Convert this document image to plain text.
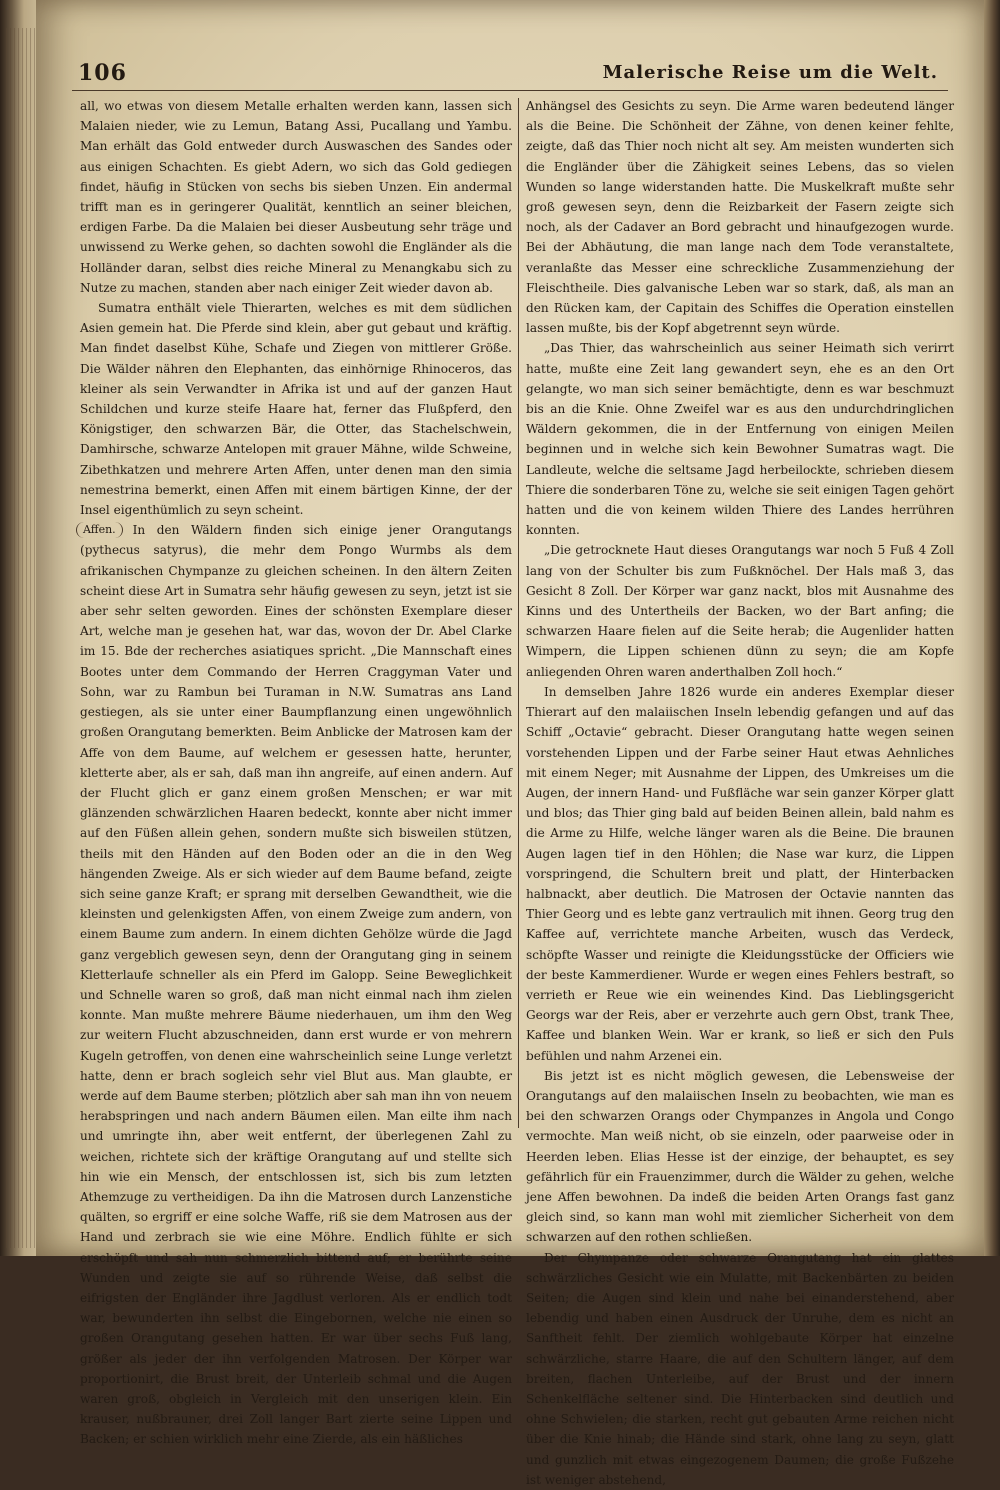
106	Malerische Reise um die Welt.

all, wo etwas von diesem Metalle erhalten werden kann, lassen sich Malaien nieder, wie zu Lemun, Batang Assi, Pucallang und Yambu. Man erhält das Gold entweder durch Auswaschen des Sandes oder aus einigen Schachten. Es giebt Adern, wo sich das Gold gediegen findet, häufig in Stücken von sechs bis sieben Unzen. Ein andermal trifft man es in geringerer Qualität, kenntlich an seiner bleichen, erdigen Farbe. Da die Malaien bei dieser Ausbeutung sehr träge und unwissend zu Werke gehen, so dachten sowohl die Engländer als die Holländer daran, selbst dies reiche Mineral zu Menangkabu sich zu Nutze zu machen, standen aber nach einiger Zeit wieder davon ab.

Sumatra enthält viele Thierarten, welches es mit dem südlichen Asien gemein hat. Die Pferde sind klein, aber gut gebaut und kräftig. Man findet daselbst Kühe, Schafe und Ziegen von mittlerer Größe. Die Wälder nähren den Elephanten, das einhörnige Rhinoceros, das kleiner als sein Verwandter in Afrika ist und auf der ganzen Haut Schildchen und kurze steife Haare hat, ferner das Flußpferd, den Königstiger, den schwarzen Bär, die Otter, das Stachelschwein, Damhirsche, schwarze Antelopen mit grauer Mähne, wilde Schweine, Zibethkatzen und mehrere Arten Affen, unter denen man den simia nemestrina bemerkt, einen Affen mit einem bärtigen Kinne, der der Insel eigenthümlich zu seyn scheint.

Affen.	In den Wäldern finden sich einige jener Orangutangs (pythecus satyrus), die mehr dem Pongo Wurmbs als dem afrikanischen Chympanze zu gleichen scheinen. In den ältern Zeiten scheint diese Art in Sumatra sehr häufig gewesen zu seyn, jetzt ist sie aber sehr selten geworden. Eines der schönsten Exemplare dieser Art, welche man je gesehen hat, war das, wovon der Dr. Abel Clarke im 15. Bde der recherches asiatiques spricht. „Die Mannschaft eines Bootes unter dem Commando der Herren Craggyman Vater und Sohn, war zu Rambun bei Turaman in N.W. Sumatras ans Land gestiegen, als sie unter einer Baumpflanzung einen ungewöhnlich großen Orangutang bemerkten. Beim Anblicke der Matrosen kam der Affe von dem Baume, auf welchem er gesessen hatte, herunter, kletterte aber, als er sah, daß man ihn angreife, auf einen andern. Auf der Flucht glich er ganz einem großen Menschen; er war mit glänzenden schwärzlichen Haaren bedeckt, konnte aber nicht immer auf den Füßen allein gehen, sondern mußte sich bisweilen stützen, theils mit den Händen auf den Boden oder an die in den Weg hängenden Zweige. Als er sich wieder auf dem Baume befand, zeigte sich seine ganze Kraft; er sprang mit derselben Gewandtheit, wie die kleinsten und gelenkigsten Affen, von einem Zweige zum andern, von einem Baume zum andern. In einem dichten Gehölze würde die Jagd ganz vergeblich gewesen seyn, denn der Orangutang ging in seinem Kletterlaufe schneller als ein Pferd im Galopp. Seine Beweglichkeit und Schnelle waren so groß, daß man nicht einmal nach ihm zielen konnte. Man mußte mehrere Bäume niederhauen, um ihm den Weg zur weitern Flucht abzuschneiden, dann erst wurde er von mehrern Kugeln getroffen, von denen eine wahrscheinlich seine Lunge verletzt hatte, denn er brach sogleich sehr viel Blut aus. Man glaubte, er werde auf dem Baume sterben; plötzlich aber sah man ihn von neuem herabspringen und nach andern Bäumen eilen. Man eilte ihm nach und umringte ihn, aber weit entfernt, der überlegenen Zahl zu weichen, richtete sich der kräftige Orangutang auf und stellte sich hin wie ein Mensch, der entschlossen ist, sich bis zum letzten Athemzuge zu vertheidigen. Da ihn die Matrosen durch Lanzenstiche quälten, so ergriff er eine solche Waffe, riß sie dem Matrosen aus der Hand und zerbrach sie wie eine Möhre. Endlich fühlte er sich erschöpft und sah nun schmerzlich bittend auf; er berührte seine Wunden und zeigte sie auf so rührende Weise, daß selbst die eifrigsten der Engländer ihre Jagdlust verloren. Als er endlich todt war, bewunderten ihn selbst die Eingebornen, welche nie einen so großen Orangutang gesehen hatten. Er war über sechs Fuß lang, größer als jeder der ihn verfolgenden Matrosen. Der Körper war proportionirt, die Brust breit, der Unterleib schmal und die Augen waren groß, obgleich in Vergleich mit den unserigen klein. Ein krauser, nußbrauner, drei Zoll langer Bart zierte seine Lippen und Backen; er schien wirklich mehr eine Zierde, als ein häßliches

Anhängsel des Gesichts zu seyn. Die Arme waren bedeutend länger als die Beine. Die Schönheit der Zähne, von denen keiner fehlte, zeigte, daß das Thier noch nicht alt sey. Am meisten wunderten sich die Engländer über die Zähigkeit seines Lebens, das so vielen Wunden so lange widerstanden hatte. Die Muskelkraft mußte sehr groß gewesen seyn, denn die Reizbarkeit der Fasern zeigte sich noch, als der Cadaver an Bord gebracht und hinaufgezogen wurde. Bei der Abhäutung, die man lange nach dem Tode veranstaltete, veranlaßte das Messer eine schreckliche Zusammenziehung der Fleischtheile. Dies galvanische Leben war so stark, daß, als man an den Rücken kam, der Capitain des Schiffes die Operation einstellen lassen mußte, bis der Kopf abgetrennt seyn würde.

„Das Thier, das wahrscheinlich aus seiner Heimath sich verirrt hatte, mußte eine Zeit lang gewandert seyn, ehe es an den Ort gelangte, wo man sich seiner bemächtigte, denn es war beschmuzt bis an die Knie. Ohne Zweifel war es aus den undurchdringlichen Wäldern gekommen, die in der Entfernung von einigen Meilen beginnen und in welche sich kein Bewohner Sumatras wagt. Die Landleute, welche die seltsame Jagd herbeilockte, schrieben diesem Thiere die sonderbaren Töne zu, welche sie seit einigen Tagen gehört hatten und die von keinem wilden Thiere des Landes herrühren konnten.

„Die getrocknete Haut dieses Orangutangs war noch 5 Fuß 4 Zoll lang von der Schulter bis zum Fußknöchel. Der Hals maß 3, das Gesicht 8 Zoll. Der Körper war ganz nackt, blos mit Ausnahme des Kinns und des Untertheils der Backen, wo der Bart anfing; die schwarzen Haare fielen auf die Seite herab; die Augenlider hatten Wimpern, die Lippen schienen dünn zu seyn; die am Kopfe anliegenden Ohren waren anderthalben Zoll hoch.“

In demselben Jahre 1826 wurde ein anderes Exemplar dieser Thierart auf den malaiischen Inseln lebendig gefangen und auf das Schiff „Octavie“ gebracht. Dieser Orangutang hatte wegen seinen vorstehenden Lippen und der Farbe seiner Haut etwas Aehnliches mit einem Neger; mit Ausnahme der Lippen, des Umkreises um die Augen, der innern Hand- und Fußfläche war sein ganzer Körper glatt und blos; das Thier ging bald auf beiden Beinen allein, bald nahm es die Arme zu Hilfe, welche länger waren als die Beine. Die braunen Augen lagen tief in den Höhlen; die Nase war kurz, die Lippen vorspringend, die Schultern breit und platt, der Hinterbacken halbnackt, aber deutlich. Die Matrosen der Octavie nannten das Thier Georg und es lebte ganz vertraulich mit ihnen. Georg trug den Kaffee auf, verrichtete manche Arbeiten, wusch das Verdeck, schöpfte Wasser und reinigte die Kleidungsstücke der Officiers wie der beste Kammerdiener. Wurde er wegen eines Fehlers bestraft, so verrieth er Reue wie ein weinendes Kind. Das Lieblingsgericht Georgs war der Reis, aber er verzehrte auch gern Obst, trank Thee, Kaffee und blanken Wein. War er krank, so ließ er sich den Puls befühlen und nahm Arzenei ein.

Bis jetzt ist es nicht möglich gewesen, die Lebensweise der Orangutangs auf den malaiischen Inseln zu beobachten, wie man es bei den schwarzen Orangs oder Chympanzes in Angola und Congo vermochte. Man weiß nicht, ob sie einzeln, oder paarweise oder in Heerden leben. Elias Hesse ist der einzige, der behauptet, es sey gefährlich für ein Frauenzimmer, durch die Wälder zu gehen, welche jene Affen bewohnen. Da indeß die beiden Arten Orangs fast ganz gleich sind, so kann man wohl mit ziemlicher Sicherheit von dem schwarzen auf den rothen schließen.

Der Chympanze oder schwarze Orangutang hat ein glattes schwärzliches Gesicht wie ein Mulatte, mit Backenbärten zu beiden Seiten; die Augen sind klein und nahe bei einanderstehend, aber lebendig und haben einen Ausdruck der Unruhe, dem es nicht an Sanftheit fehlt. Der ziemlich wohlgebaute Körper hat einzelne schwärzliche, starre Haare, die auf den Schultern länger, auf dem breiten, flachen Unterleibe, auf der Brust und der innern Schenkelfläche seltener sind. Die Hinterbacken sind deutlich und ohne Schwielen; die starken, recht gut gebauten Arme reichen nicht über die Knie hinab; die Hände sind stark, ohne lang zu seyn, glatt und gunzlich mit etwas eingezogenem Daumen; die große Fußzehe ist weniger abstehend,
